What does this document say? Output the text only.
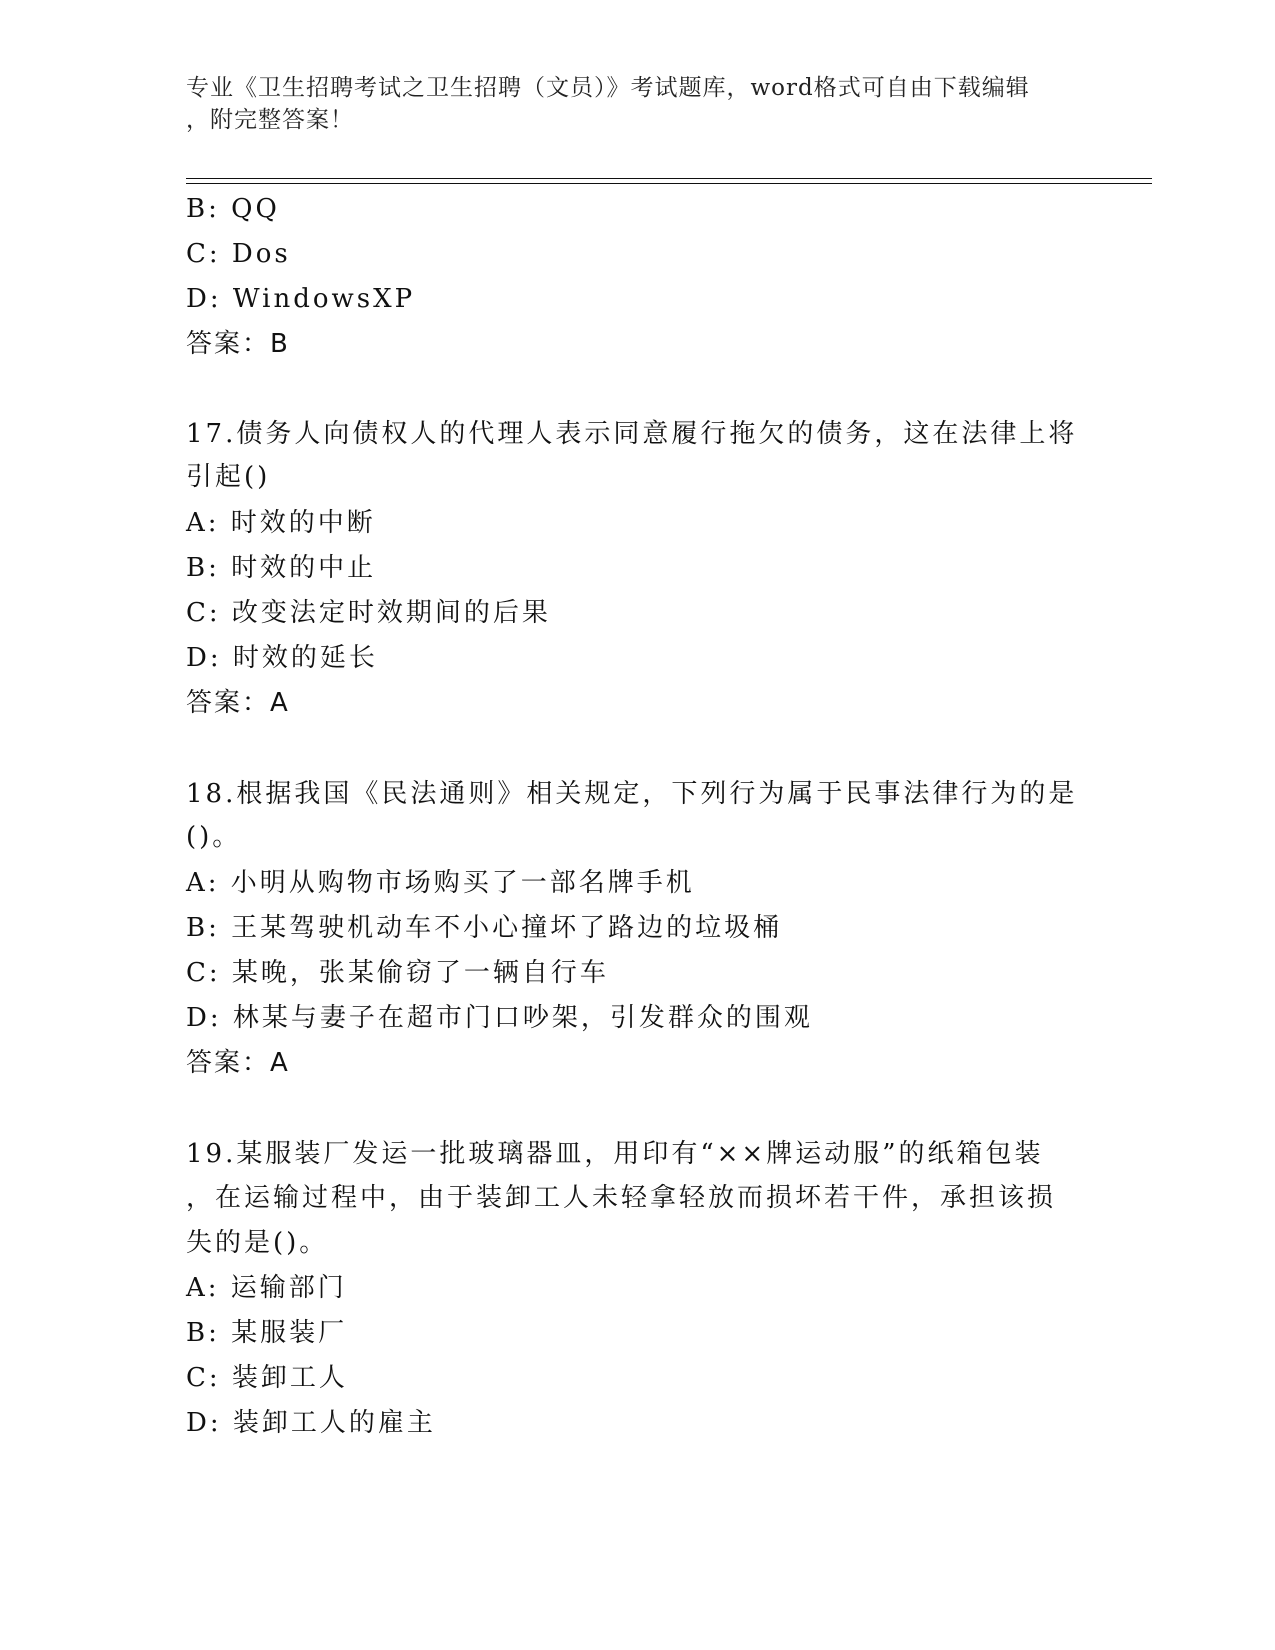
专业《卫生招聘考试之卫生招聘（文员）》考试题库，word格式可自由下载编辑
，附完整答案！
B: QQ
C: Dos
D: WindowsXP
答案：B
17.债务人向债权人的代理人表示同意履行拖欠的债务，这在法律上将
引起()
A: 时效的中断
B: 时效的中止
C: 改变法定时效期间的后果
D: 时效的延长
答案：A
18.根据我国《民法通则》相关规定，下列行为属于民事法律行为的是
()。
A: 小明从购物市场购买了一部名牌手机
B: 王某驾驶机动车不小心撞坏了路边的垃圾桶
C: 某晚，张某偷窃了一辆自行车
D: 林某与妻子在超市门口吵架，引发群众的围观
答案：A
19.某服装厂发运一批玻璃器皿，用印有“××牌运动服”的纸箱包装
，在运输过程中，由于装卸工人未轻拿轻放而损坏若干件，承担该损
失的是()。
A: 运输部门
B: 某服装厂
C: 装卸工人
D: 装卸工人的雇主
